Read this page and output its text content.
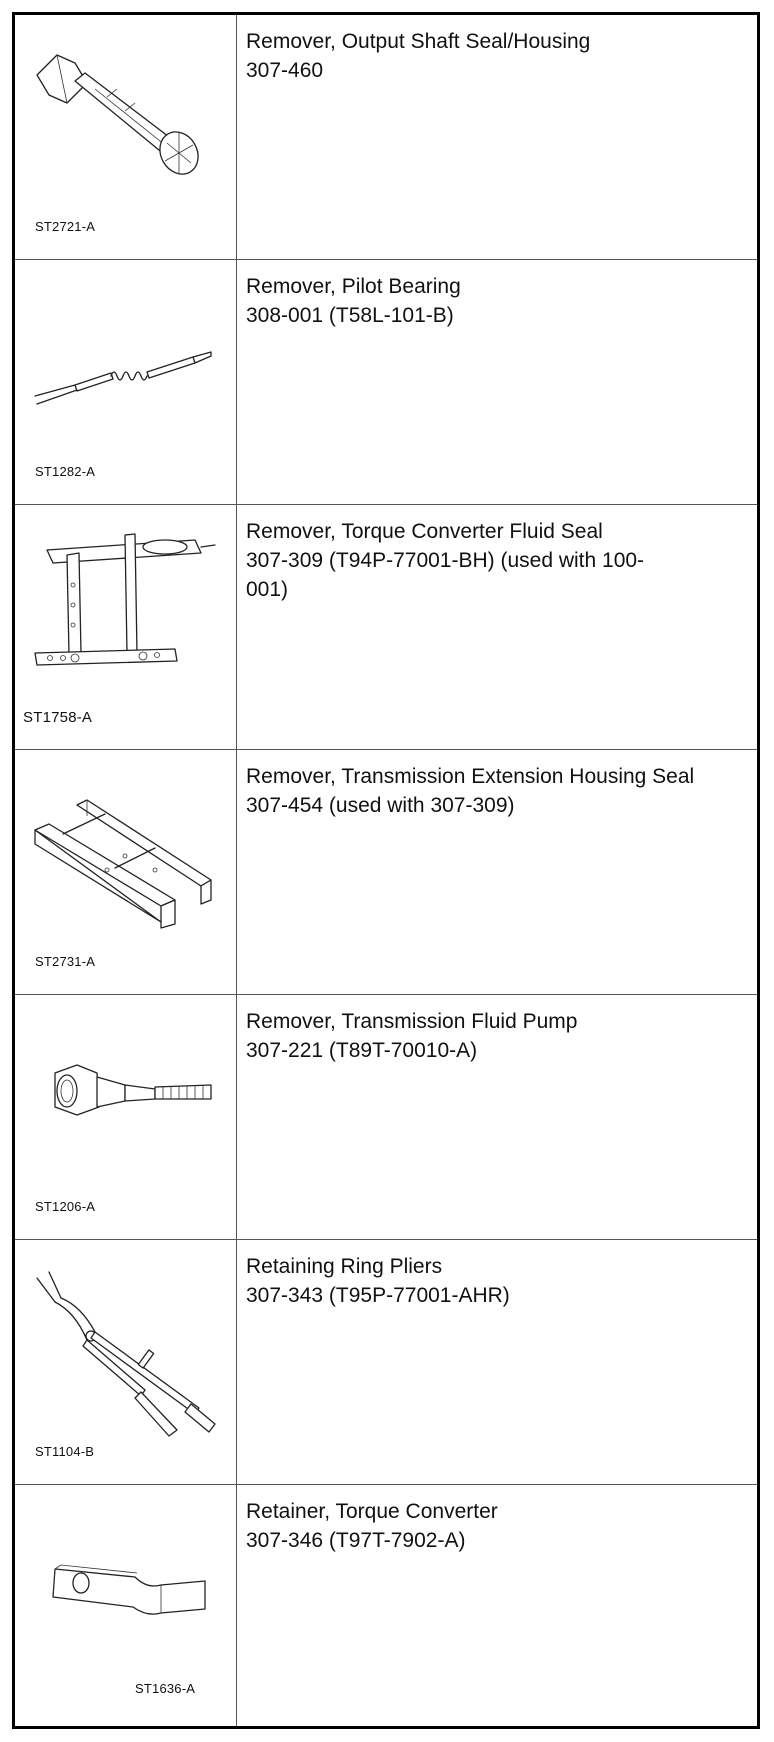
ST2721-A
Remover, Output Shaft Seal/Housing
307-460
ST1282-A
Remover, Pilot Bearing
308-001 (T58L-101-B)
ST1758-A
Remover, Torque Converter Fluid Seal
307-309 (T94P-77001-BH) (used with 100-001)
ST2731-A
Remover, Transmission Extension Housing Seal
307-454 (used with 307-309)
ST1206-A
Remover, Transmission Fluid Pump
307-221 (T89T-70010-A)
ST1104-B
Retaining Ring Pliers
307-343 (T95P-77001-AHR)
ST1636-A
Retainer, Torque Converter
307-346 (T97T-7902-A)
